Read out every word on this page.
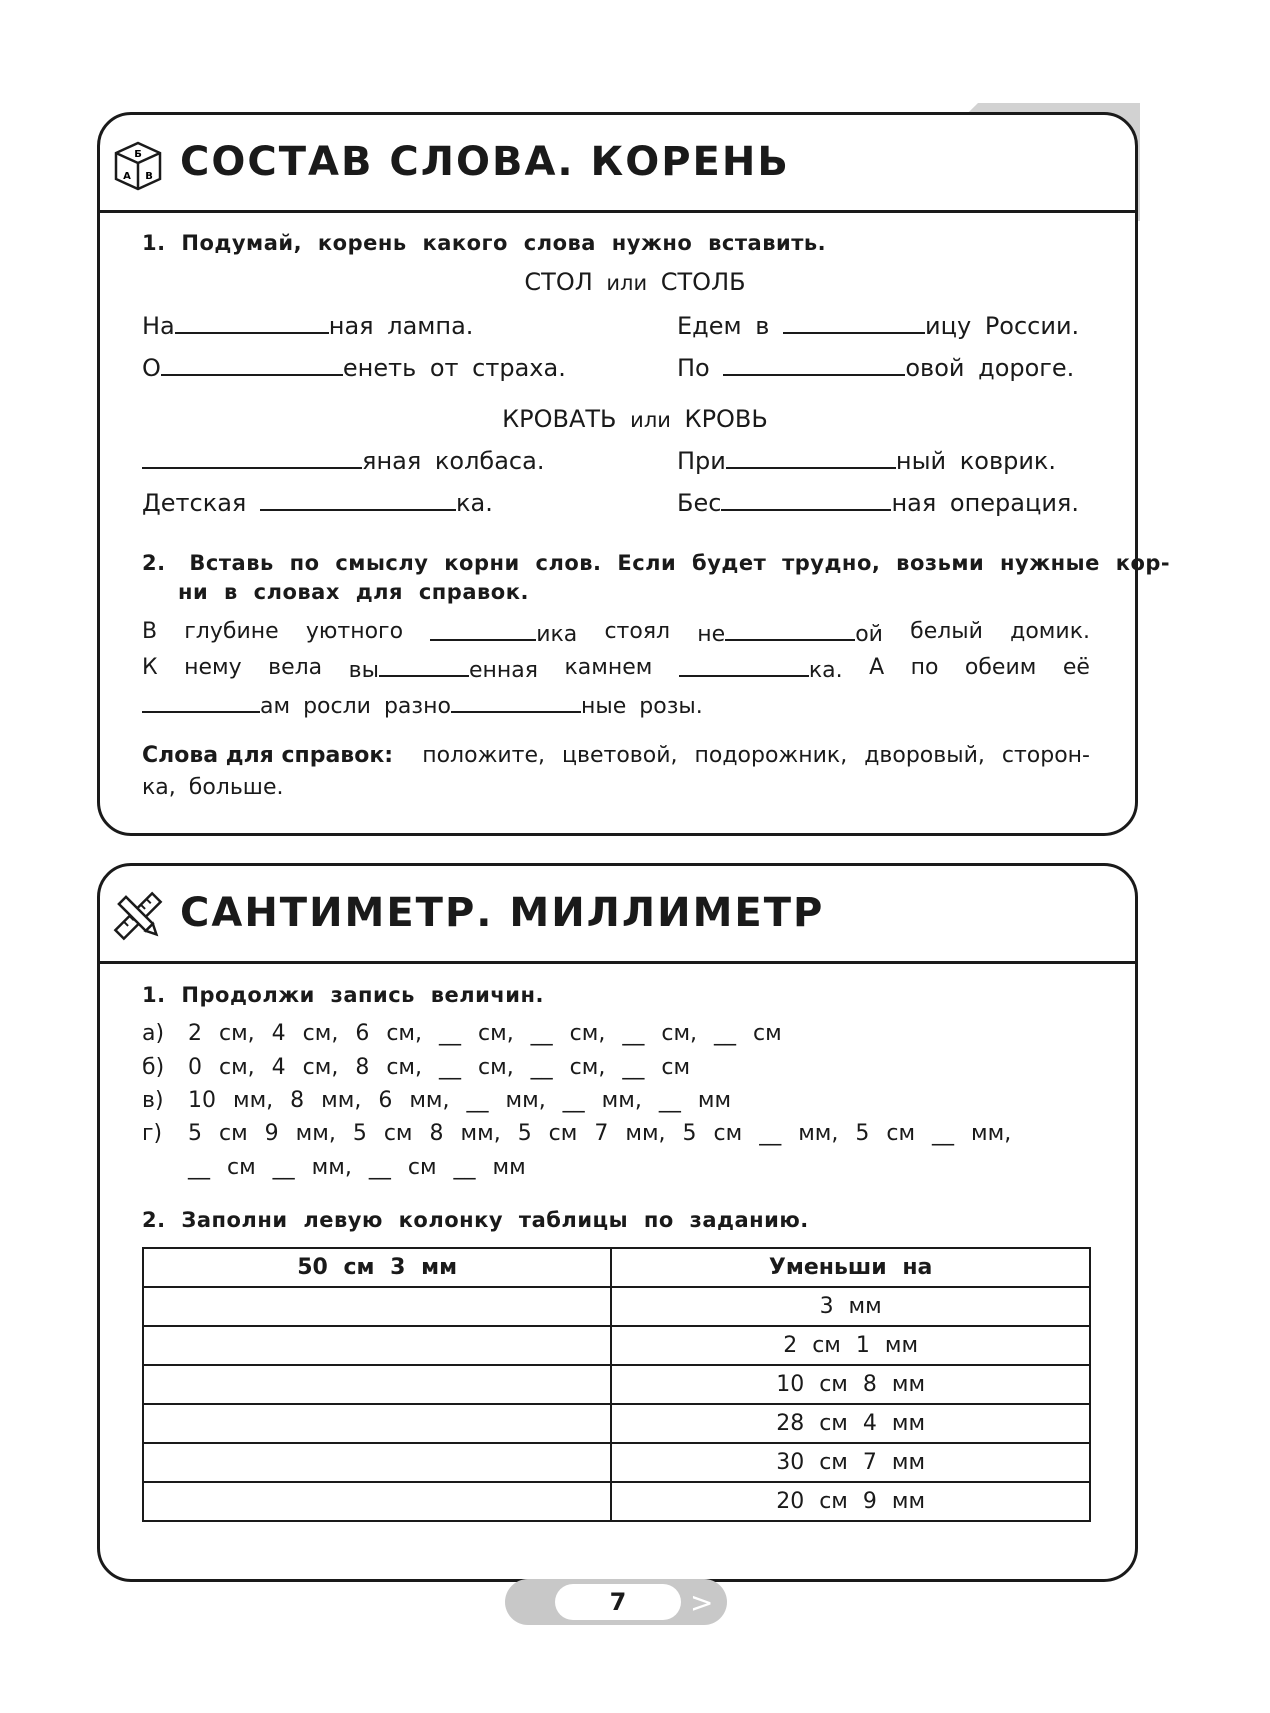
Б
А В СОСТАВ СЛОВА. КОРЕНЬ
1. Подумай, корень какого слова нужно вставить.
СТОЛ или СТОЛБ
На	ная лампа.	Едем в	ицу России.
О	енеть от страха.	По	овой дороге.
КРОВАТЬ или КРОВЬ
яная колбаса.	При	ный коврик.
Детская	ка.	Бес	ная операция.
2. Вставь по смыслу корни слов. Если будет трудно, возьми нужные кор-
ни в словах для справок.
В глубине уютного	ика стоял не	ой белый домик.
К нему вела вы	енная камнем	ка. А по обеим её
ам росли разно	ные розы.
Слова для справок: положите, цветовой, подорожник, дворовый, сторон-
ка, больше.
САНТИМЕТР. МИЛЛИМЕТР
1. Продолжи запись величин.
а) 2 см, 4 см, 6 см, __ см, __ см, __ см, __ см
б) 0 см, 4 см, 8 см, __ см, __ см, __ см
в) 10 мм, 8 мм, 6 мм, __ мм, __ мм, __ мм
г) 5 см 9 мм, 5 см 8 мм, 5 см 7 мм, 5 см __ мм, 5 см __ мм,
__ см __ мм, __ см __ мм
2. Заполни левую колонку таблицы по заданию.
50 см 3 мм	Уменьши на
	3 мм
	2 см 1 мм
	10 см 8 мм
	28 см 4 мм
	30 см 7 мм
	20 см 9 мм
7	>
